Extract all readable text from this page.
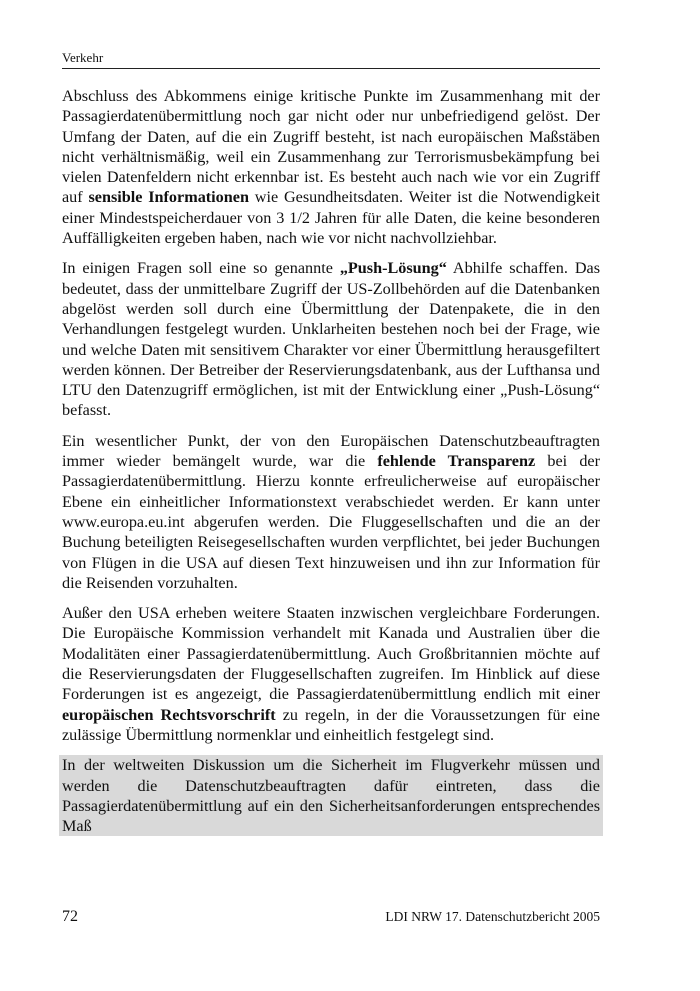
Verkehr

Abschluss des Abkommens einige kritische Punkte im Zusammenhang mit der Passagierdatenübermittlung noch gar nicht oder nur unbefriedigend gelöst. Der Umfang der Daten, auf die ein Zugriff besteht, ist nach europäischen Maßstäben nicht verhältnismäßig, weil ein Zusammenhang zur Terrorismusbekämpfung bei vielen Datenfeldern nicht erkennbar ist. Es besteht auch nach wie vor ein Zugriff auf sensible Informationen wie Gesundheitsdaten. Weiter ist die Notwendigkeit einer Mindestspeicherdauer von 3 1/2 Jahren für alle Daten, die keine besonderen Auffälligkeiten ergeben haben, nach wie vor nicht nachvollziehbar.

In einigen Fragen soll eine so genannte „Push-Lösung“ Abhilfe schaffen. Das bedeutet, dass der unmittelbare Zugriff der US-Zollbehörden auf die Datenbanken abgelöst werden soll durch eine Übermittlung der Datenpakete, die in den Verhandlungen festgelegt wurden. Unklarheiten bestehen noch bei der Frage, wie und welche Daten mit sensitivem Charakter vor einer Übermittlung herausgefiltert werden können. Der Betreiber der Reservierungsdatenbank, aus der Lufthansa und LTU den Datenzugriff ermöglichen, ist mit der Entwicklung einer „Push-Lösung“ befasst.

Ein wesentlicher Punkt, der von den Europäischen Datenschutzbeauftragten immer wieder bemängelt wurde, war die fehlende Transparenz bei der Passagierdatenübermittlung. Hierzu konnte erfreulicherweise auf europäischer Ebene ein einheitlicher Informationstext verabschiedet werden. Er kann unter www.europa.eu.int abgerufen werden. Die Fluggesellschaften und die an der Buchung beteiligten Reisegesellschaften wurden verpflichtet, bei jeder Buchungen von Flügen in die USA auf diesen Text hinzuweisen und ihn zur Information für die Reisenden vorzuhalten.

Außer den USA erheben weitere Staaten inzwischen vergleichbare Forderungen. Die Europäische Kommission verhandelt mit Kanada und Australien über die Modalitäten einer Passagierdatenübermittlung. Auch Großbritannien möchte auf die Reservierungsdaten der Fluggesellschaften zugreifen. Im Hinblick auf diese Forderungen ist es angezeigt, die Passagierdatenübermittlung endlich mit einer europäischen Rechtsvorschrift zu regeln, in der die Voraussetzungen für eine zulässige Übermittlung normenklar und einheitlich festgelegt sind.

In der weltweiten Diskussion um die Sicherheit im Flugverkehr müssen und werden die Datenschutzbeauftragten dafür eintreten, dass die Passagierdatenübermittlung auf ein den Sicherheitsanforderungen entsprechendes Maß

72	LDI NRW 17. Datenschutzbericht 2005
